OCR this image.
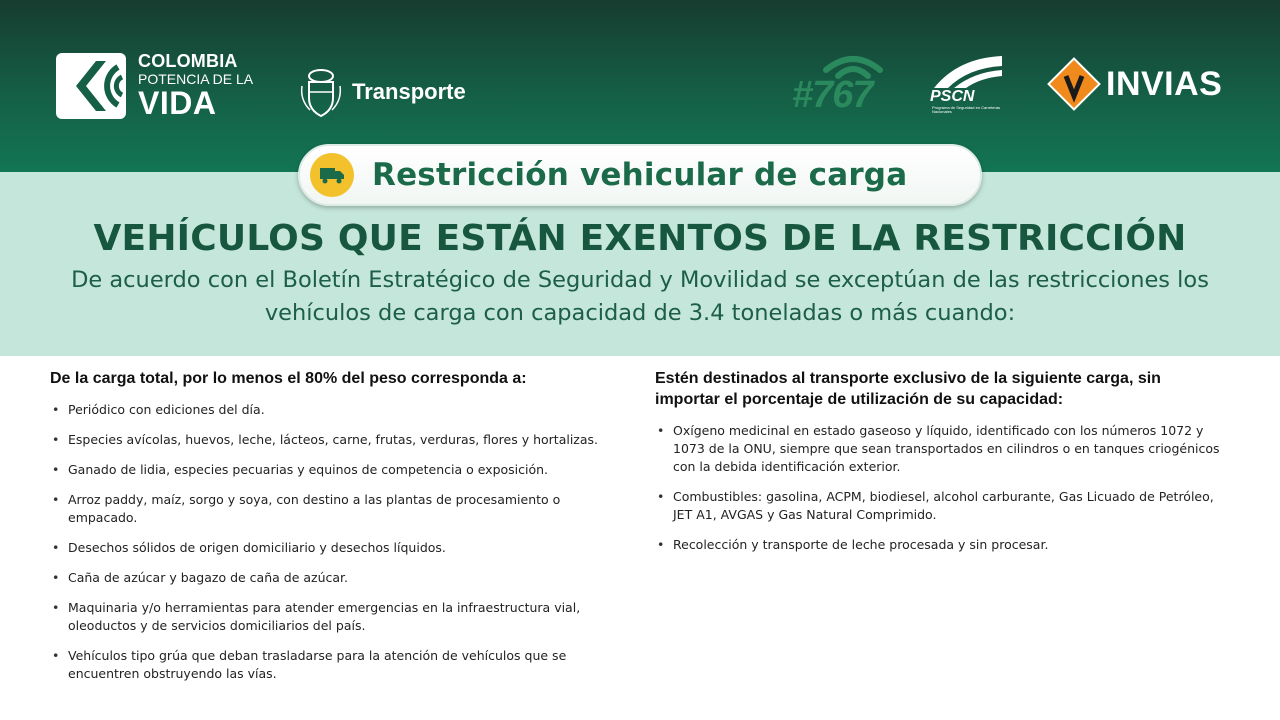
COLOMBIA
POTENCIA DE LA
VIDA	Transporte	#767	PSCN
Programa de Seguridad en Carreteras Nacionales
INVIAS
Restricción vehicular de carga
VEHÍCULOS QUE ESTÁN EXENTOS DE LA RESTRICCIÓN
De acuerdo con el Boletín Estratégico de Seguridad y Movilidad se exceptúan de las restricciones los
vehículos de carga con capacidad de 3.4 toneladas o más cuando:
De la carga total, por lo menos el 80% del peso corresponda a:
• Periódico con ediciones del día.
• Especies avícolas, huevos, leche, lácteos, carne, frutas, verduras, flores y hortalizas.
• Ganado de lidia, especies pecuarias y equinos de competencia o exposición.
• Arroz paddy, maíz, sorgo y soya, con destino a las plantas de procesamiento o empacado.
• Desechos sólidos de origen domiciliario y desechos líquidos.
• Caña de azúcar y bagazo de caña de azúcar.
• Maquinaria y/o herramientas para atender emergencias en la infraestructura vial, oleoductos y de servicios domiciliarios del país.
• Vehículos tipo grúa que deban trasladarse para la atención de vehículos que se encuentren obstruyendo las vías.
Estén destinados al transporte exclusivo de la siguiente carga, sin importar el porcentaje de utilización de su capacidad:
• Oxígeno medicinal en estado gaseoso y líquido, identificado con los números 1072 y 1073 de la ONU, siempre que sean transportados en cilindros o en tanques criogénicos con la debida identificación exterior.
• Combustibles: gasolina, ACPM, biodiesel, alcohol carburante, Gas Licuado de Petróleo, JET A1, AVGAS y Gas Natural Comprimido.
• Recolección y transporte de leche procesada y sin procesar.
